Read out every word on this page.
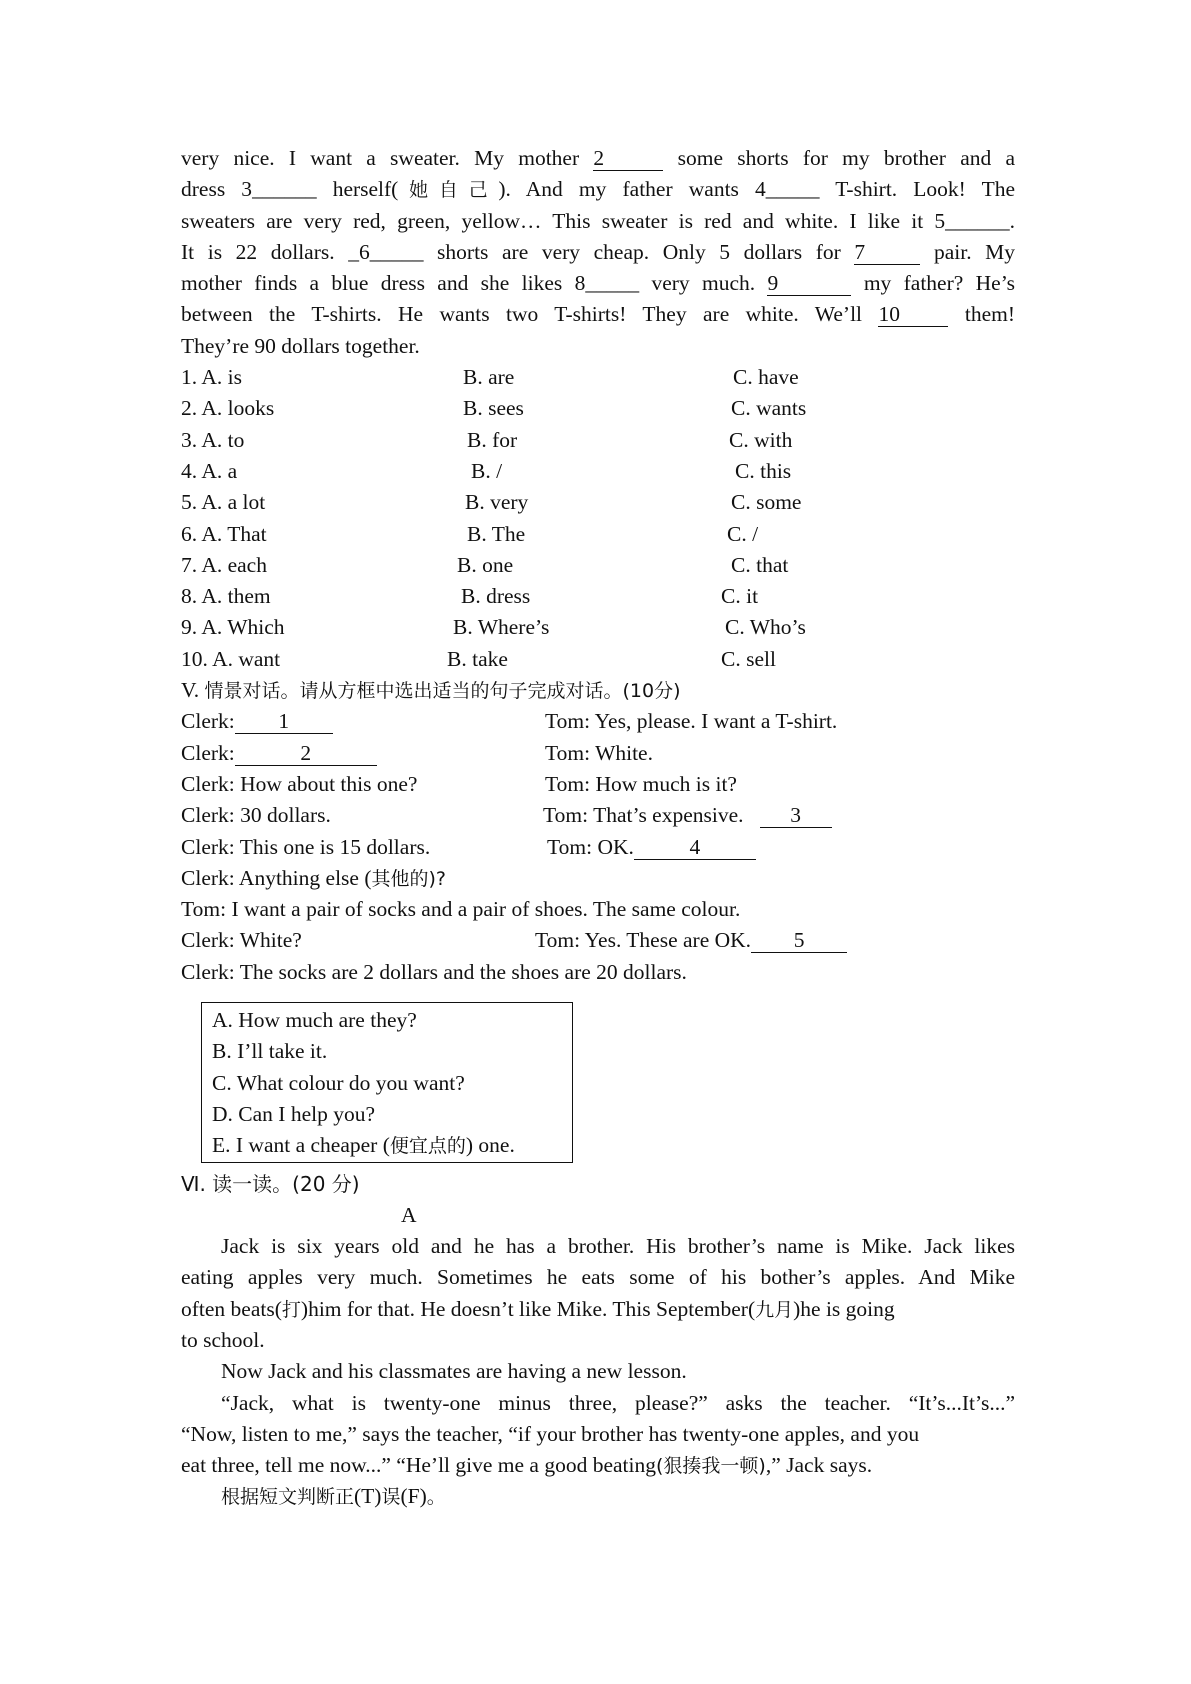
very nice. I want a sweater. My mother 2	some shorts for my brother and a
dress 3______ herself(她自己). And my father wants 4_____ T-shirt. Look! The
sweaters are very red, green, yellow… This sweater is red and white. I like it 5______.
It is 22 dollars. _6_____ shorts are very cheap. Only 5 dollars for 7	pair. My
mother finds a blue dress and she likes 8_____ very much. 9	my father? He’s
between the T-shirts. He wants two T-shirts! They are white. We’ll 10	them!
They’re 90 dollars together.
1. A. is	B. are	C. have
2. A. looks	B. sees	C. wants
3. A. to	B. for	C. with
4. A. a	B. /	C. this
5. A. a lot	B. very	C. some
6. A. That	B. The	C. /
7. A. each	B. one	C. that
8. A. them	B. dress	C. it
9. A. Which	B. Where’s	C. Who’s
10. A. want	B. take	C. sell
V. 情景对话。请从方框中选出适当的句子完成对话。(10分)
Clerk: 1	Tom: Yes, please. I want a T-shirt.
Clerk:	2	Tom: White.
Clerk: How about this one?	Tom: How much is it?
Clerk: 30 dollars.	Tom: That’s expensive. 3
Clerk: This one is 15 dollars.	Tom: OK.	4
Clerk: Anything else (其他的)?
Tom: I want a pair of socks and a pair of shoes. The same colour.
Clerk: White?	Tom: Yes. These are OK. 5
Clerk: The socks are 2 dollars and the shoes are 20 dollars.
A. How much are they?
B. I’ll take it.
C. What colour do you want?
D. Can I help you?
E. I want a cheaper (便宜点的) one.
Ⅵ. 读一读。(20 分)
A
Jack is six years old and he has a brother. His brother’s name is Mike. Jack likes
eating apples very much. Sometimes he eats some of his bother’s apples. And Mike
often beats(打)him for that. He doesn’t like Mike. This September(九月)he is going
to school.
Now Jack and his classmates are having a new lesson.
“Jack, what is twenty-one minus three, please?” asks the teacher. “It’s...It’s...”
“Now, listen to me,” says the teacher, “if your brother has twenty-one apples, and you
eat three, tell me now...” “He’ll give me a good beating(狠揍我一顿),” Jack says.
根据短文判断正(T)误(F)。
